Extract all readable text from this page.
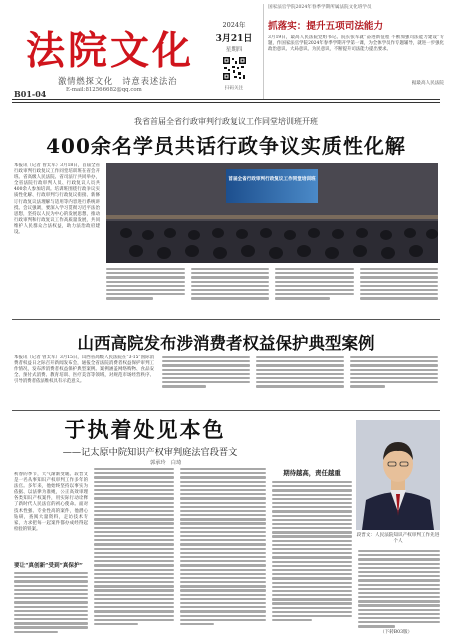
法院文化
激情燃探文化　诗意表述法治
E-mail:812566682@qq.com
B01-04
2024年
3月21日
星期四
扫码关注
国家法官学院2024年春季学期所属法院文化班学员
抓落实：提升五项司法能力
3月19日，最高人民法院党组书记、院长张军就“奋进新征程 不断加强司法能力建设”专题，作国家法官学院2024年春季学期开学第一课，为全体学员作专题辅导，就进一步强化政治意识、大局意识、为民意识，不断提升司法能力提出要求。
据最高人民法院
我省首届全省行政审判行政复议工作同堂培训班开班
400余名学员共话行政争议实质性化解
本报讯（记者 曾太军）3月18日，首届全省行政审判行政复议工作同堂培训班在省会开班。省高级人民法院、省司法厅共同举办，全省法院行政审判人员、行政复议人员共400余人参加培训。培训班围绕行政争议实质性化解、行政审判与行政复议衔接、新修订行政复议法理解与适用等内容进行系统讲授。会议强调，要深入学习贯彻习近平法治思想，坚持以人民为中心的发展思想，推动行政审判和行政复议工作高质量发展，共同维护人民群众合法权益，助力法治政府建设。
首届全省行政审判行政复议工作同堂培训班
山西高院发布涉消费者权益保护典型案例
本报讯（记者 曾太军）3月15日，山西省高级人民法院在“3·15”国际消费者权益日之际召开新闻发布会，通报全省法院消费者权益保护审判工作情况，发布涉消费者权益保护典型案例。案例涵盖网络购物、食品安全、预付式消费、教育培训、医疗美容等领域，对规范市场经营秩序、引导消费者依法维权具有示范意义。
于执着处见本色
——记太原中院知识产权审判庭法官段晋文
郭承玲　白琦
段晋文：人民法院知识产权审判工作先进个人
初春的季节，天气渐渐变暖。段晋文是一名从事知识产权审判工作多年的法官。多年来，他始终坚持以事实为依据、以法律为准绳，公正高效审理各类知识产权案件，用实际行动诠释了新时代人民法官的初心使命。面对技术性强、专业性高的案件，他潜心钻研，查阅大量资料，走访技术专家，力求把每一起案件都办成经得起检验的铁案。
要让“真创新”受到“真保护”
期待越高，责任越重
（下转B03版）
